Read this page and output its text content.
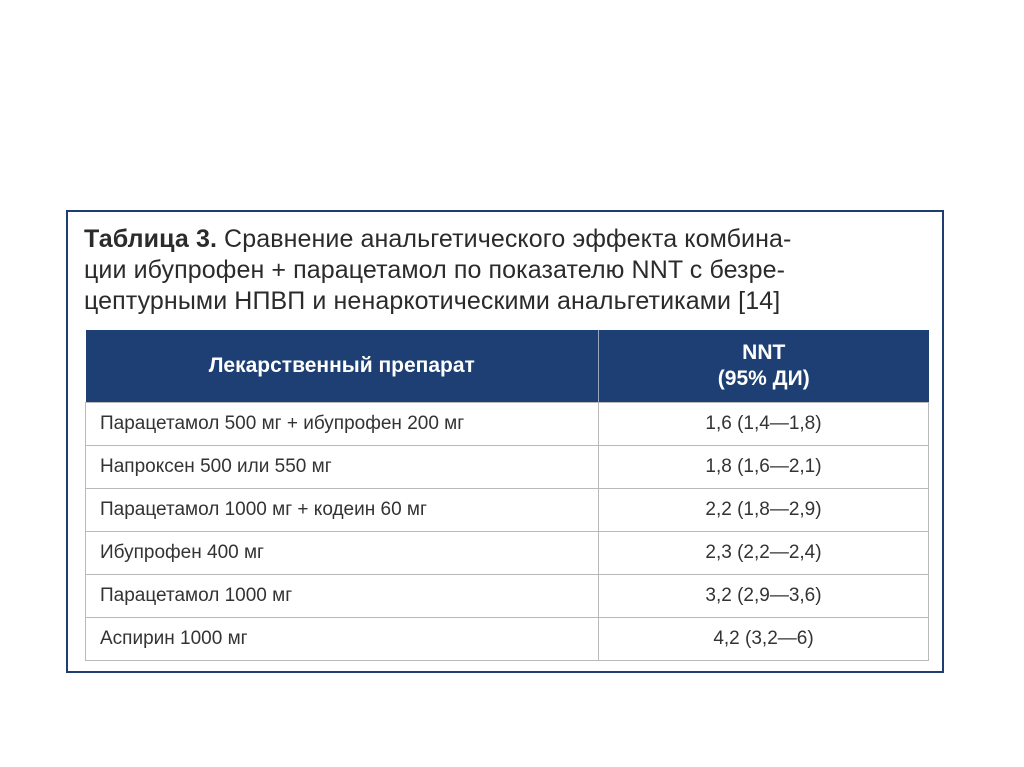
Таблица 3. Сравнение анальгетического эффекта комбина-
ции ибупрофен + парацетамол по показателю NNT с безре-
цептурными НПВП и ненаркотическими анальгетиками [14]
Лекарственный препарат	NNT
(95% ДИ)
Парацетамол 500 мг + ибупрофен 200 мг	1,6 (1,4—1,8)
Напроксен 500 или 550 мг	1,8 (1,6—2,1)
Парацетамол 1000 мг + кодеин 60 мг	2,2 (1,8—2,9)
Ибупрофен 400 мг	2,3 (2,2—2,4)
Парацетамол 1000 мг	3,2 (2,9—3,6)
Аспирин 1000 мг	4,2 (3,2—6)
